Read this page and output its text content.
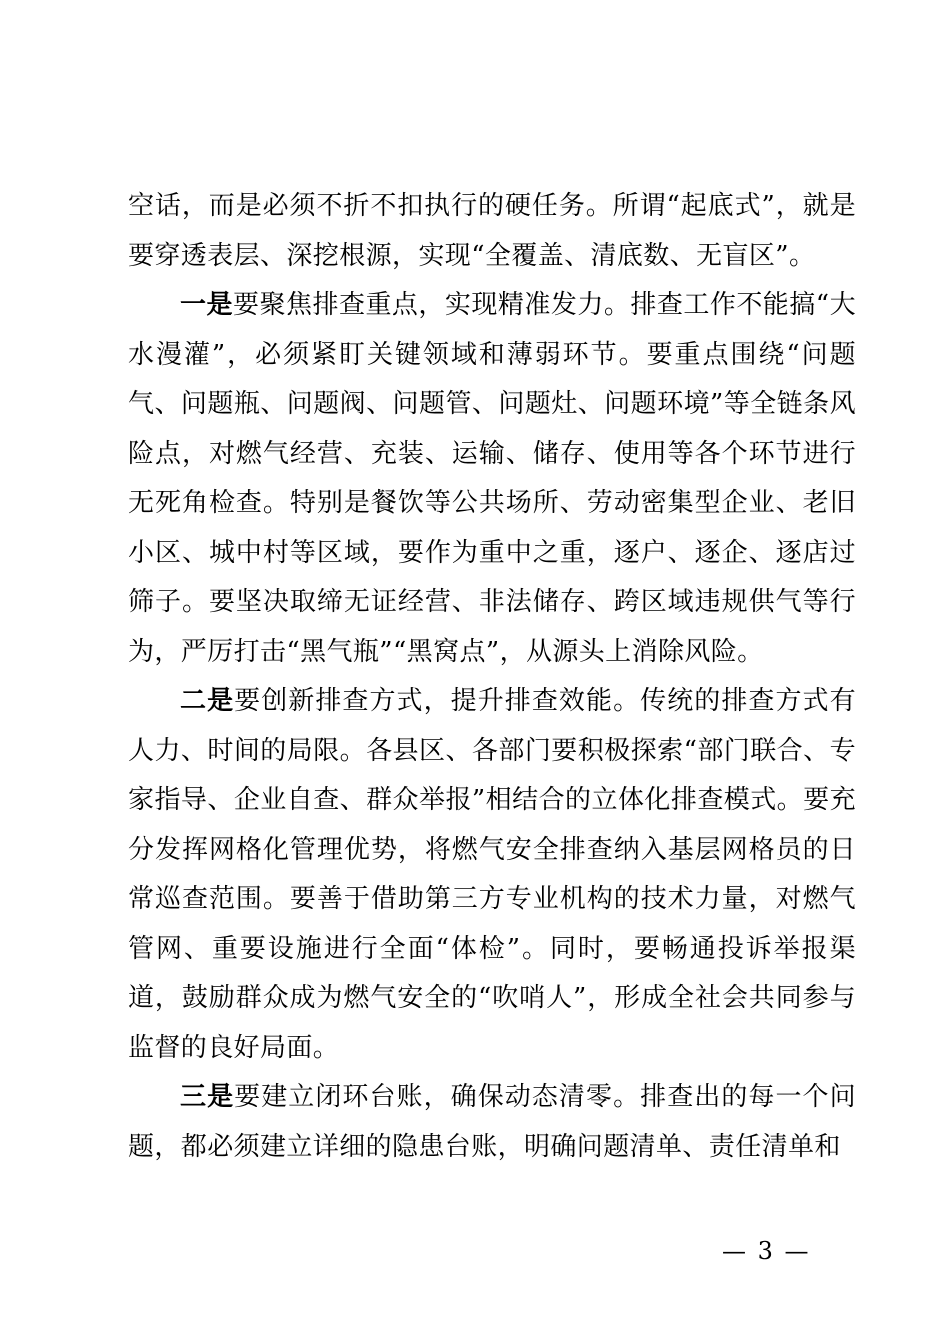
空话，而是必须不折不扣执行的硬任务。所谓“起底式”，就是要穿透表层、深挖根源，实现“全覆盖、清底数、无盲区”。

一是要聚焦排查重点，实现精准发力。排查工作不能搞“大水漫灌”，必须紧盯关键领域和薄弱环节。要重点围绕“问题气、问题瓶、问题阀、问题管、问题灶、问题环境”等全链条风险点，对燃气经营、充装、运输、储存、使用等各个环节进行无死角检查。特别是餐饮等公共场所、劳动密集型企业、老旧小区、城中村等区域，要作为重中之重，逐户、逐企、逐店过筛子。要坚决取缔无证经营、非法储存、跨区域违规供气等行为，严厉打击“黑气瓶”“黑窝点”，从源头上消除风险。

二是要创新排查方式，提升排查效能。传统的排查方式有人力、时间的局限。各县区、各部门要积极探索“部门联合、专家指导、企业自查、群众举报”相结合的立体化排查模式。要充分发挥网格化管理优势，将燃气安全排查纳入基层网格员的日常巡查范围。要善于借助第三方专业机构的技术力量，对燃气管网、重要设施进行全面“体检”。同时，要畅通投诉举报渠道，鼓励群众成为燃气安全的“吹哨人”，形成全社会共同参与监督的良好局面。

三是要建立闭环台账，确保动态清零。排查出的每一个问题，都必须建立详细的隐患台账，明确问题清单、责任清单和

— 3 —
